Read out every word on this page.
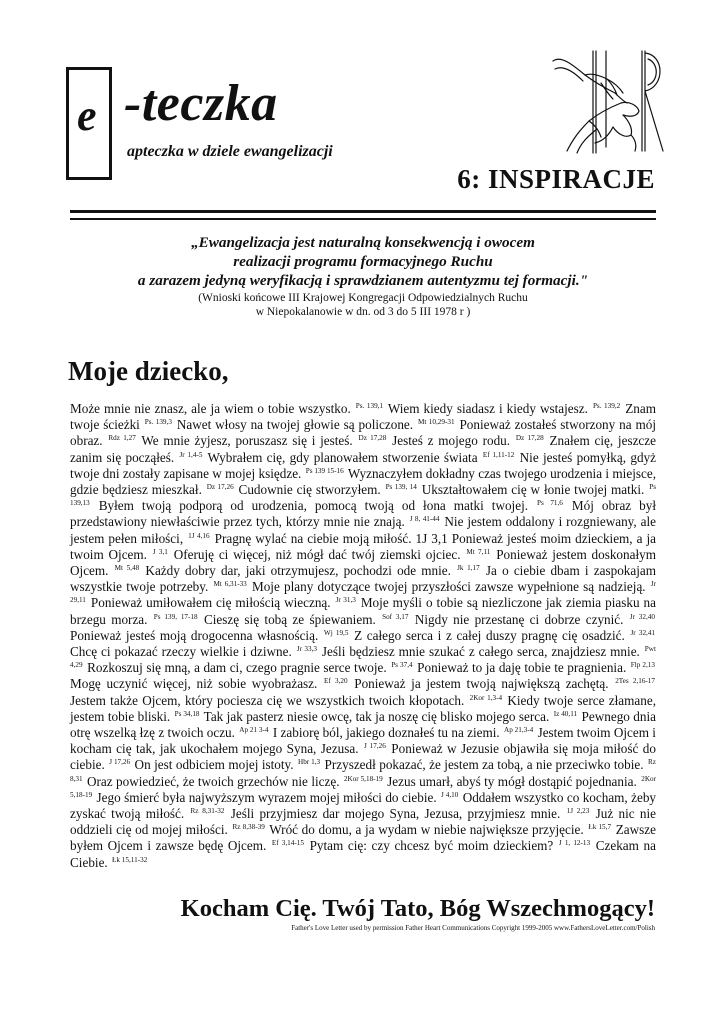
e -teczka
apteczka w dziele ewangelizacji
6: INSPIRACJE
„Ewangelizacja jest naturalną konsekwencją i owocem
realizacji programu formacyjnego Ruchu
a zarazem jedyną weryfikacją i sprawdzianem autentyzmu tej formacji."
(Wnioski końcowe III Krajowej Kongregacji Odpowiedzialnych Ruchu
w Niepokalanowie w dn. od 3 do 5 III 1978 r )
Moje dziecko,
Może mnie nie znasz, ale ja wiem o tobie wszystko. $^{Ps. 139,1}$ Wiem kiedy siadasz i kiedy wstajesz. $^{Ps. 139,2}$ Znam twoje ścieżki $^{Ps. 139,3}$ Nawet włosy na twojej głowie są policzone. $^{Mt 10,29-31}$ Ponieważ zostałeś stworzony na mój obraz. $^{Rdz 1,27}$ We mnie żyjesz, poruszasz się i jesteś. $^{Dz 17,28}$ Jesteś z mojego rodu. $^{Dz 17,28}$ Znałem cię, jeszcze zanim się począłeś. $^{Jr 1,4-5}$ Wybrałem cię, gdy planowałem stworzenie świata $^{Ef 1,11-12}$ Nie jesteś pomyłką, gdyż twoje dni zostały zapisane w mojej księdze. $^{Ps 139 15-16}$ Wyznaczyłem dokładny czas twojego urodzenia i miejsce, gdzie będziesz mieszkał. $^{Dz 17,26}$ Cudownie cię stworzyłem. $^{Ps 139, 14}$ Ukształtowałem cię w łonie twojej matki. $^{Ps 139,13}$ Byłem twoją podporą od urodzenia, pomocą twoją od łona matki twojej. $^{Ps 71,6}$ Mój obraz był przedstawiony niewłaściwie przez tych, którzy mnie nie znają. $^{J 8, 41-44}$ Nie jestem oddalony i rozgniewany, ale jestem pełen miłości, $^{1J 4,16}$ Pragnę wylać na ciebie moją miłość. 1J 3,1 Ponieważ jesteś moim dzieckiem, a ja twoim Ojcem. $^{J 3,1}$ Oferuję ci więcej, niż mógł dać twój ziemski ojciec. $^{Mt 7,11}$ Ponieważ jestem doskonałym Ojcem. $^{Mt 5,48}$ Każdy dobry dar, jaki otrzymujesz, pochodzi ode mnie. $^{Jk 1,17}$ Ja o ciebie dbam i zaspokajam wszystkie twoje potrzeby. $^{Mt 6,31-33}$ Moje plany dotyczące twojej przyszłości zawsze wypełnione są nadzieją. $^{Jr 29,11}$ Ponieważ umiłowałem cię miłością wieczną. $^{Jr 31,3}$ Moje myśli o tobie są niezliczone jak ziemia piasku na brzegu morza. $^{Ps 139, 17-18}$ Cieszę się tobą ze śpiewaniem. $^{Sof 3,17}$ Nigdy nie przestanę ci dobrze czynić. $^{Jr 32,40}$ Ponieważ jesteś moją drogocenna własnością. $^{Wj 19,5}$ Z całego serca i z całej duszy pragnę cię osadzić. $^{Jr 32,41}$ Chcę ci pokazać rzeczy wielkie i dziwne. $^{Jr 33,3}$ Jeśli będziesz mnie szukać z całego serca, znajdziesz mnie. $^{Pwt 4,29}$ Rozkoszuj się mną, a dam ci, czego pragnie serce twoje. $^{Ps 37,4}$ Ponieważ to ja daję tobie te pragnienia. $^{Flp 2,13}$ Mogę uczynić więcej, niż sobie wyobrażasz. $^{Ef 3,20}$ Ponieważ ja jestem twoją największą zachętą. $^{2Tes 2,16-17}$ Jestem także Ojcem, który pociesza cię we wszystkich twoich kłopotach. $^{2Kor 1,3-4}$ Kiedy twoje serce złamane, jestem tobie bliski. $^{Ps 34,18}$ Tak jak pasterz niesie owcę, tak ja noszę cię blisko mojego serca. $^{Iz 40,11}$ Pewnego dnia otrę wszelką łzę z twoich oczu. $^{Ap 21 3-4}$ I zabiorę ból, jakiego doznałeś tu na ziemi. $^{Ap 21,3-4}$ Jestem twoim Ojcem i kocham cię tak, jak ukochałem mojego Syna, Jezusa. $^{J 17,26}$ Ponieważ w Jezusie objawiła się moja miłość do ciebie. $^{J 17,26}$ On jest odbiciem mojej istoty. $^{Hbr 1,3}$ Przyszedł pokazać, że jestem za tobą, a nie przeciwko tobie. $^{Rz 8,31}$ Oraz powiedzieć, że twoich grzechów nie liczę. $^{2Kor 5,18-19}$ Jezus umarł, abyś ty mógł dostąpić pojednania. $^{2Kor 5,18-19}$ Jego śmierć była najwyższym wyrazem mojej miłości do ciebie. $^{J 4,10}$ Oddałem wszystko co kocham, żeby zyskać twoją miłość. $^{Rz 8,31-32}$ Jeśli przyjmiesz dar mojego Syna, Jezusa, przyjmiesz mnie. $^{1J 2,23}$ Już nic nie oddzieli cię od mojej miłości. $^{Rz 8,38-39}$ Wróć do domu, a ja wydam w niebie największe przyjęcie. $^{Łk 15,7}$ Zawsze byłem Ojcem i zawsze będę Ojcem. $^{Ef 3,14-15}$ Pytam cię: czy chcesz być moim dzieckiem? $^{J 1, 12-13}$ Czekam na Ciebie. $^{Łk 15,11-32}$
Kocham Cię. Twój Tato, Bóg Wszechmogący!
Father's Love Letter used by permission Father Heart Communications Copyright 1999-2005 www.FathersLoveLetter.com/Polish
